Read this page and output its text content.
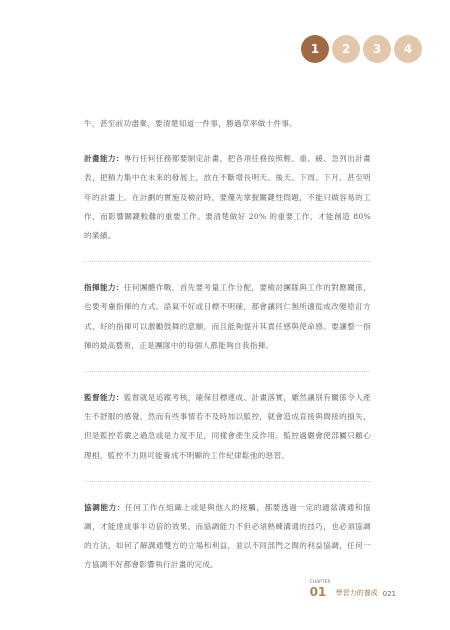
1	2	3	4

牛，甚至前功盡棄，要清楚知道一件事，勝過草率做十件事。

計畫能力：專行任何任務都要制定計畫，把各項任務按照輕、重、緩、急列出計畫表，把精力集中在未來的發展上，放在不斷增長明天、後天、下周、下月、甚至明年的計畫上。在計劃的實施及檢討時，要優先掌握關鍵性問題，不能只做容易的工作，而影響關鍵較難的重要工作。要清楚做好 20% 的重要工作，才能創造 80% 的業績。

指揮能力：任何團體作戰，首先要考量工作分配，要檢討團隊與工作的對應關係，也要考慮指揮的方式。語氣不好或目標不明確，都會讓同仁無所適從或改變原訂方式，好的指揮可以激勵鼓舞的意願，而且能夠提升其責任感與使命感。要讓整一指揮的最高藝術，正是團隊中的每個人都能夠自我指揮。

監督能力：監督就是追蹤考核，確保目標達成、計畫落實，雖然讓別有關係令人產生不舒服的感覺，然而有些事情若不及時加以監控，就會造成直接與間接的損失，但是監控若嚴之過急或是力度不足，同樣會產生反作用。監控過嚴會使部屬只顧心理相，監控不力則可能養成不明顯的工作紀律鬆弛的惡習。

協調能力：任何工作在組織上或是與他人的接觸，都要透過一定的適當溝通和協調，才能達成事半功倍的效果。而協調能力不但必須熟練溝通的技巧，也必須協調的方法，如何了解溝通雙方的立場和利益，並以不同部門之間的利益協調，任何一方協調不好都會影響執行計畫的完成。

CHAPTER
01	學習力的養成 021
